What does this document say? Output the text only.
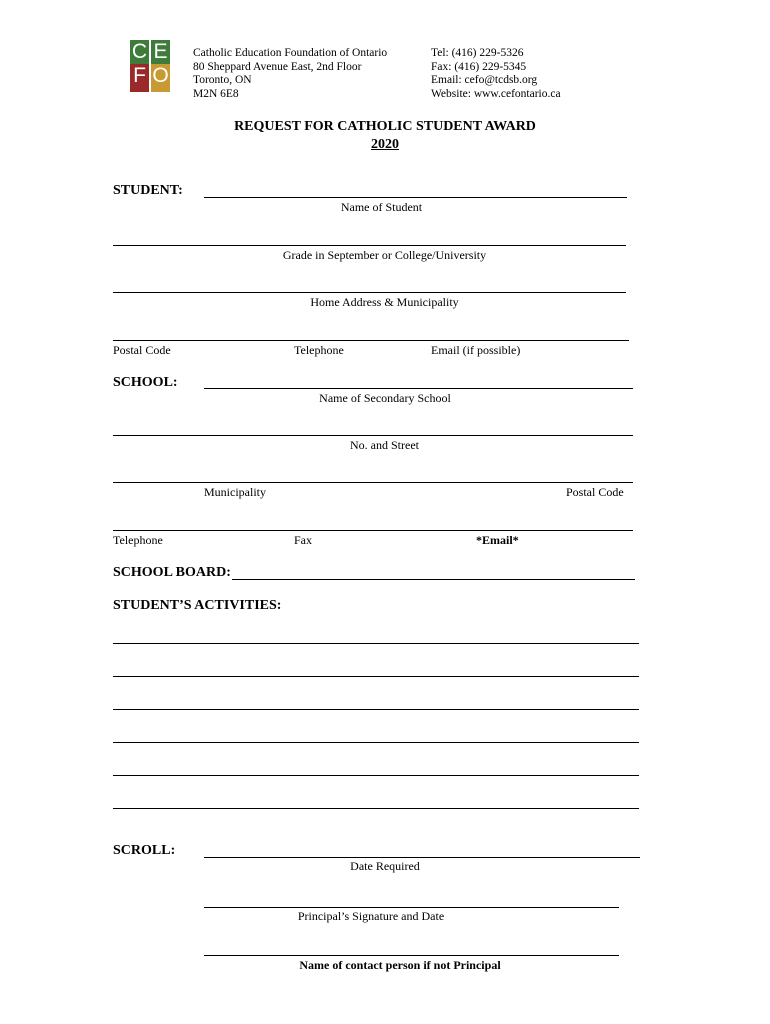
C E
F O
Catholic Education Foundation of Ontario
80 Sheppard Avenue East, 2nd Floor
Toronto, ON
M2N 6E8
Tel: (416) 229-5326
Fax: (416) 229-5345
Email: cefo@tcdsb.org
Website: www.cefontario.ca
REQUEST FOR CATHOLIC STUDENT AWARD
2020
STUDENT:
Name of Student
Grade in September or College/University
Home Address & Municipality
Postal Code	Telephone	Email (if possible)
SCHOOL:
Name of Secondary School
No. and Street
Municipality	Postal Code
Telephone	Fax	*Email*
SCHOOL BOARD:
STUDENT’S ACTIVITIES:
SCROLL:
Date Required
Principal’s Signature and Date
Name of contact person if not Principal
